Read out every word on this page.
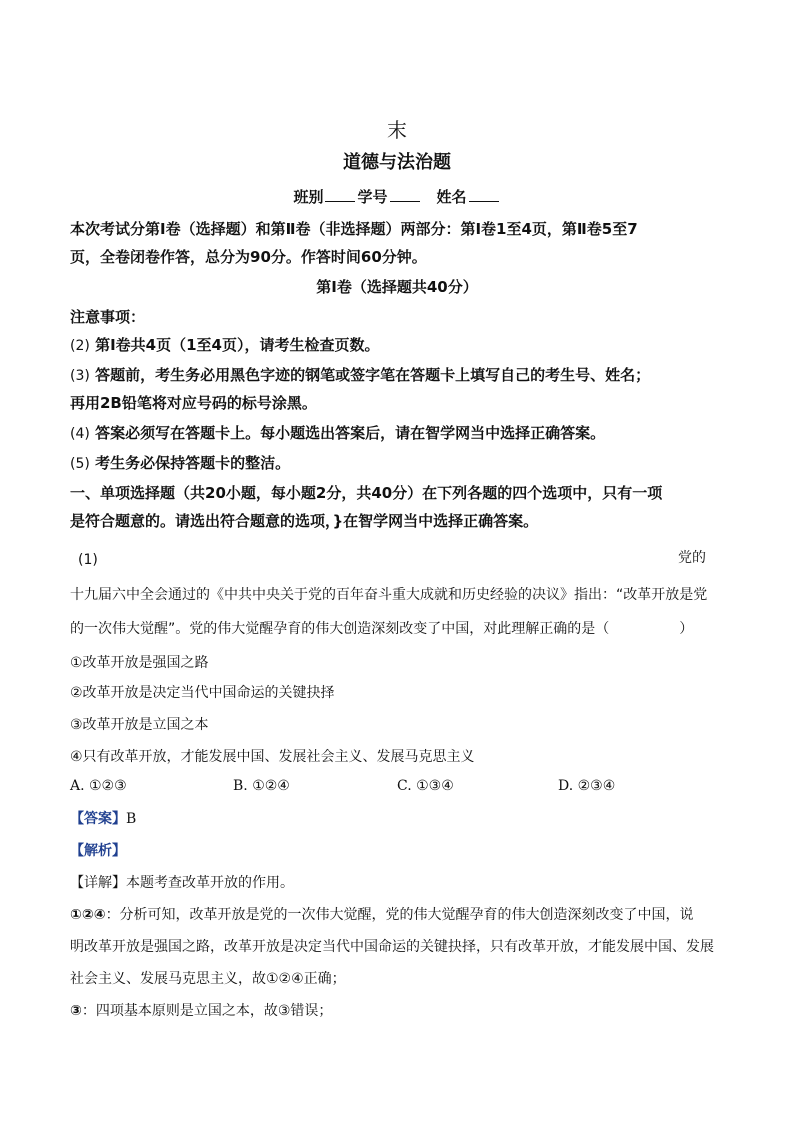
末
道德与法治题
班别 学号　	姓名
本次考试分第Ⅰ卷（选择题）和第Ⅱ卷（非选择题）两部分：第Ⅰ卷1至4页，第Ⅱ卷5至7
页，全卷闭卷作答，总分为90分。作答时间60分钟。
第Ⅰ卷（选择题共40分）
注意事项：
(2) 第Ⅰ卷共4页（1至4页），请考生检查页数。
(3) 答题前，考生务必用黑色字迹的钢笔或签字笔在答题卡上填写自己的考生号、姓名；
再用2B铅笔将对应号码的标号涂黑。
(4) 答案必须写在答题卡上。每小题选出答案后，请在智学网当中选择正确答案。
(5) 考生务必保持答题卡的整洁。
一、单项选择题（共20小题，每小题2分，共40分）在下列各题的四个选项中，只有一项
是符合题意的。请选出符合题意的选项，}在智学网当中选择正确答案。
(1)	党的
十九届六中全会通过的《中共中央关于党的百年奋斗重大成就和历史经验的决议》指出：“改革开放是党
的一次伟大觉醒”。党的伟大觉醒孕育的伟大创造深刻改变了中国，对此理解正确的是（　　　　　）
①改革开放是强国之路
②改革开放是决定当代中国命运的关键抉择
③改革开放是立国之本
④只有改革开放，才能发展中国、发展社会主义、发展马克思主义
A. ①②③	B. ①②④	C. ①③④	D. ②③④
【答案】B
【解析】
【详解】本题考查改革开放的作用。
①②④：分析可知，改革开放是党的一次伟大觉醒，党的伟大觉醒孕育的伟大创造深刻改变了中国，说
明改革开放是强国之路，改革开放是决定当代中国命运的关键抉择，只有改革开放，才能发展中国、发展
社会主义、发展马克思主义，故①②④正确；
③：四项基本原则是立国之本，故③错误；
